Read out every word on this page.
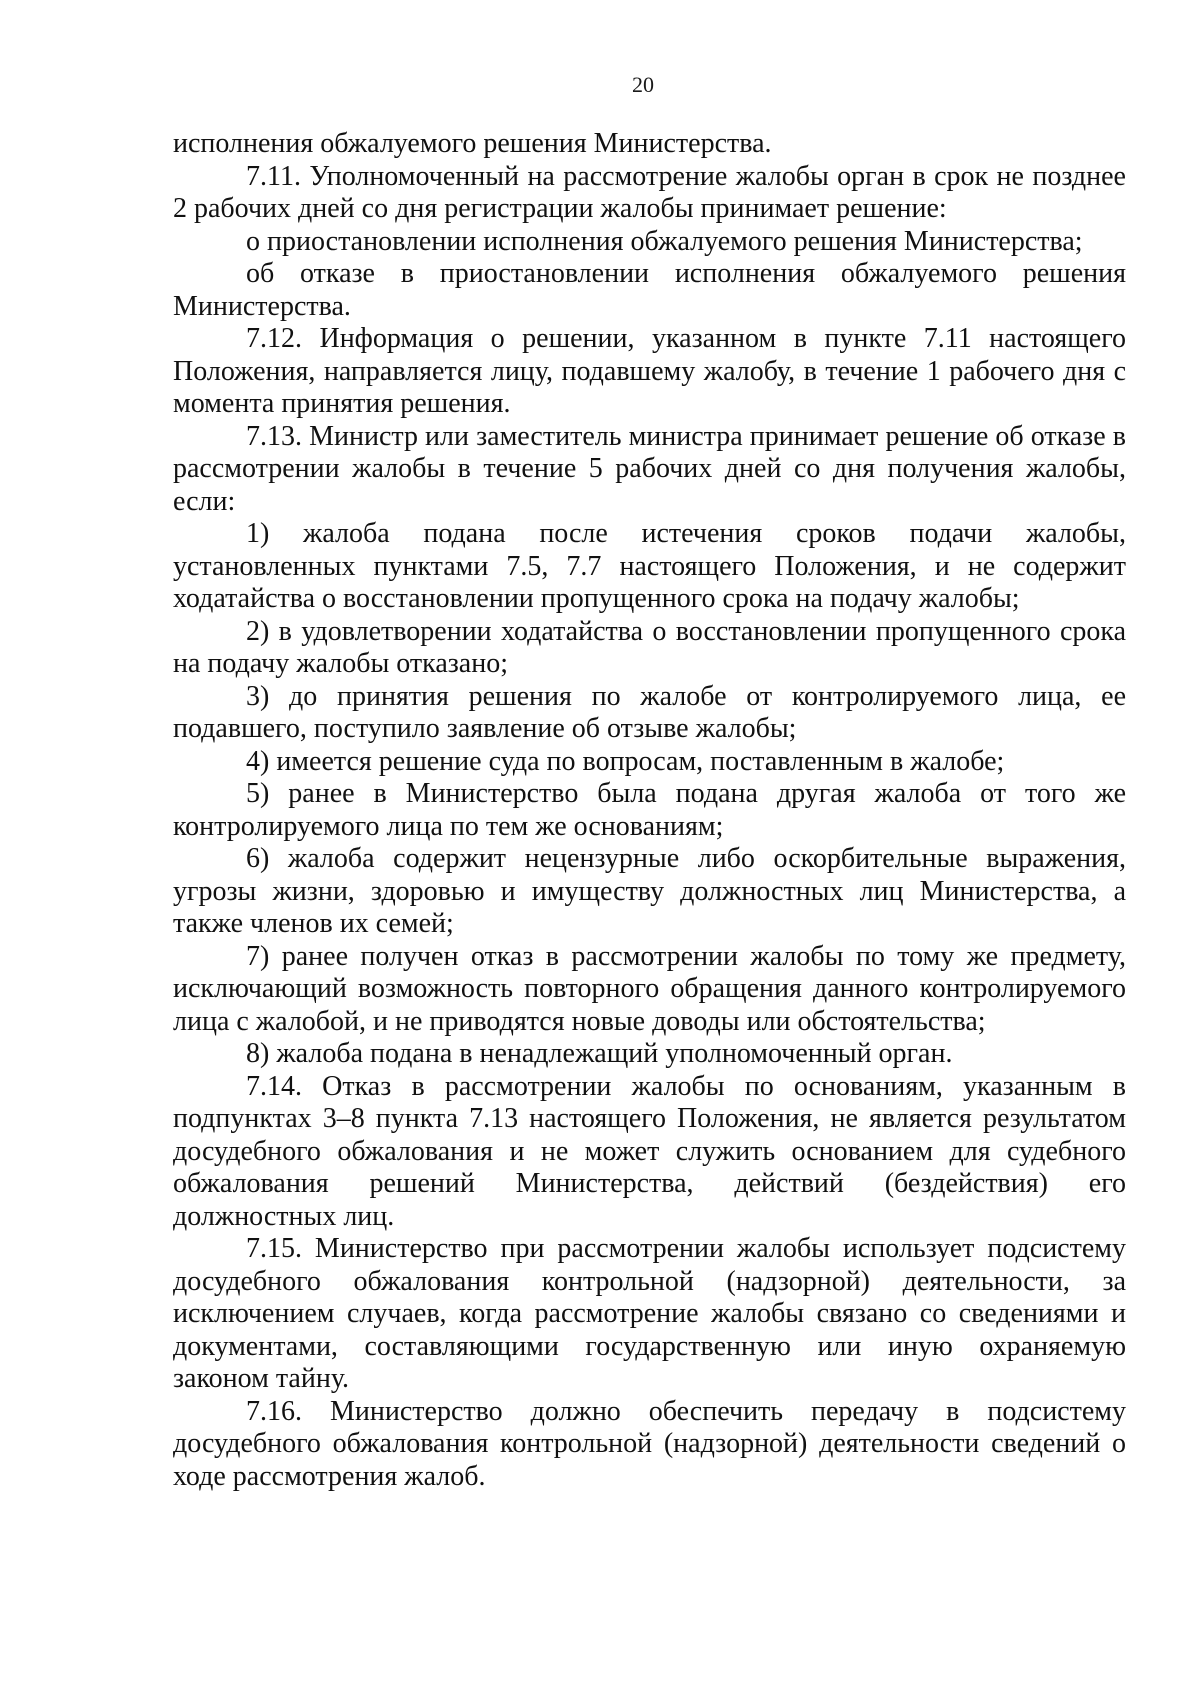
20

исполнения обжалуемого решения Министерства.

7.11. Уполномоченный на рассмотрение жалобы орган в срок не позднее 2 рабочих дней со дня регистрации жалобы принимает решение:

о приостановлении исполнения обжалуемого решения Министерства;

об отказе в приостановлении исполнения обжалуемого решения Министерства.

7.12. Информация о решении, указанном в пункте 7.11 настоящего Положения, направляется лицу, подавшему жалобу, в течение 1 рабочего дня с момента принятия решения.

7.13. Министр или заместитель министра принимает решение об отказе в рассмотрении жалобы в течение 5 рабочих дней со дня получения жалобы, если:

1) жалоба подана после истечения сроков подачи жалобы, установленных пунктами 7.5, 7.7 настоящего Положения, и не содержит ходатайства о восстановлении пропущенного срока на подачу жалобы;

2) в удовлетворении ходатайства о восстановлении пропущенного срока на подачу жалобы отказано;

3) до принятия решения по жалобе от контролируемого лица, ее подавшего, поступило заявление об отзыве жалобы;

4) имеется решение суда по вопросам, поставленным в жалобе;

5) ранее в Министерство была подана другая жалоба от того же контролируемого лица по тем же основаниям;

6) жалоба содержит нецензурные либо оскорбительные выражения, угрозы жизни, здоровью и имуществу должностных лиц Министерства, а также членов их семей;

7) ранее получен отказ в рассмотрении жалобы по тому же предмету, исключающий возможность повторного обращения данного контролируемого лица с жалобой, и не приводятся новые доводы или обстоятельства;

8) жалоба подана в ненадлежащий уполномоченный орган.

7.14. Отказ в рассмотрении жалобы по основаниям, указанным в подпунктах 3–8 пункта 7.13 настоящего Положения, не является результатом досудебного обжалования и не может служить основанием для судебного обжалования решений Министерства, действий (бездействия) его должностных лиц.

7.15. Министерство при рассмотрении жалобы использует подсистему досудебного обжалования контрольной (надзорной) деятельности, за исключением случаев, когда рассмотрение жалобы связано со сведениями и документами, составляющими государственную или иную охраняемую законом тайну.

7.16. Министерство должно обеспечить передачу в подсистему досудебного обжалования контрольной (надзорной) деятельности сведений о ходе рассмотрения жалоб.
